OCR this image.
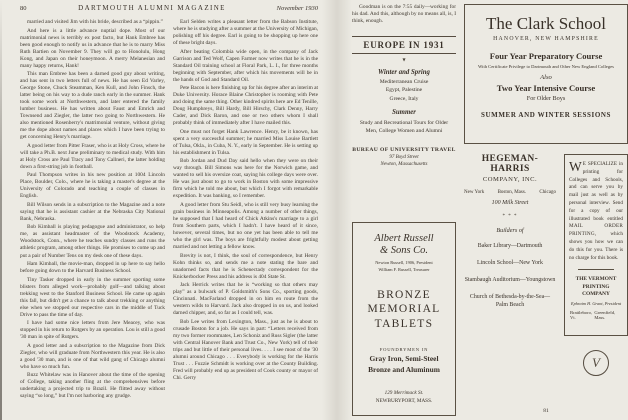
80	DARTMOUTH ALUMNI MAGAZINE	November 1930

married and visited Jim with his bride, described as a “pippin.”

And here is a little advance nuptial dope. Most of our matrimonial news is terribly ex post facto, but Hank Embree has been good enough to notify us in advance that he is to marry Miss Ruth Bartien on November 9. They will go to Honolulu, Hong Kong, and Japan on their honeymoon. A merry Melanesian and many happy returns, Hank!

This man Embree has been a darned good guy about writing, and has sent in two letters full of news. He has seen Ed Varley, George Stone, Chuck Steamman, Ken Kull, and John Finsch, the latter being on his way to a dude ranch early in the summer. Hank took some work at Northwestern, and later entered the family lumber business. He has written about Faust and Emrich and Townsend and Ziegler, the latter two going to Northwestern. He also mentioned Rosenberry's matrimonial venture, without giving me the dope about names and places which I have been trying to get concerning Henry's marriage.

A good letter from Pitter Fraser, who is at Holy Cross, where he will take a Ph.B. next June preliminary to medical study. With him at Holy Cross are Paul Tracy and Tony Callneri, the latter holding down a first-string job in football.

Paul Thompson writes in his new position at 1004 Lincoln Place, Boulder, Colo., where he is taking a master's degree at the University of Colorado and teaching a couple of classes in English.

Bill Wilson sends in a subscription to the Magazine and a note saying that he is assistant cashier at the Nebraska City National Bank, Nebraska.

Bob Kimball is playing pedagogue and administrator, so help me, as assistant headmaster of the Woodstock Academy, Woodstock, Conn., where he teaches sundry classes and runs the athletic program, among other things. He promises to come up and put a pair of Number Tens on my desk one of these days.

Ham Kimball, the movie-man, dropped in up here to say hello before going down to the Harvard Business School.

Tiny Tasker dropped in early in the summer sporting some blisters from alleged work—probably golf—and talking about trekking west to the Stanford Business School. He came up again this fall, but didn't get a chance to talk about trekking or anything else when we stopped our respective cars in the middle of Tuck Drive to pass the time of day.

I have had some nice letters from Jere Meacey, who was stopped in his return to Rutgers by an operation. Lou is still a good '30 man in spite of Rutgers.

A good letter and a subscription to the Magazine from Dick Ziegler, who will graduate from Northwestern this year. He is also a good '30 man, and is one of that wild gang of Chicago alumni who have so much fun.

Buzz Whitelaw was in Hanover about the time of the opening of College, taking another fling at the comprehensives before undertaking a projected trip to Brazil. He flitted away without saying “so long,” but I'm not harboring any grudge.

Earl Selden writes a pleasant letter from the Babson Institute, where he is studying after a summer at the University of Michigan, polishing off his degree. Earl is going to be shopping up here one of these bright days.

After beating Colombia wide open, in the company of Jack Garrison and Ted Wolf, Capen Farmer now writes that he is in the Standard Oil training school at Floral Park, L. I., for three months beginning with September, after which his movements will be in the hands of God and Standard Oil.

Pete Bacon is here finishing up for his degree after an interim at Duke University. Horace Blaine Christopher is rooming with Pete and doing the same thing. Other kindred spirits here are Ed Tenille, Doug Humphreys, Bill Hardy, Bill Hirschy, Clark Denny, Harry Cader, and Dick Baron, and one or two others whom I shall probably think of immediately after I have mailed this.

One must not forget Hank Lawrence. Henry, be it known, has spent a very successful summer; he married Miss Louise Bartlett of Tulsa, Okla., in Cuba, N. Y., early in September. He is setting up his establishment in Tulsa.

Bob Jordan and Dud Day said hello when they were on their way through. Bill Simons was here for the Norwich game, and wanted to sell his oversize coat, saying his college days were over. He was just about to go to work in Boston with some impressive firm which he told me about, but which I forgot with remarkable expedition. It was banking, so I remember.

A good letter from Stu Seidl, who is still very busy learning the grain business in Minneapolis. Among a number of other things, he supposed that I had heard of Chick Atkins's marriage to a girl from Southern parts, which I hadn't. I have heard of it since, however, several times, but no one yet has been able to tell me who the girl was. The boys are frightfully modest about getting married and not letting a fellow know.

Brevity is not, I think, the soul of correspondence, but Henry Kohn thinks so, and sends me a note stating the bare and unadorned facts that he is Schenectady correspondent for the Knickerbocker Press and his address is 404 State St.

Jack Herrick writes that he is “working so that others may play” as a bulwark of P. Goldsmith's Sons Co., sporting goods, Cincinnati. MacFarland dropped in on him en route from the western wilds to Harvard. Jack also dropped in on us, and looked darned chipper, and, so far as I could tell, was.

Bob Lee writes from Lexington, Mass., just as he is about to crusade Boston for a job. He says in part: “Letters received from my two former roommates, Len Schoniz and Russ Sigler (the latter with Central Hanover Bank and Trust Co., New York) tell of their trips and but little of their personal lives. . . . I see most of the '30 alumni around Chicago . . . Everybody is working for the Harris Trust . . . Fuzzie Schmidt is working over at the County Building. Fred will probably end up as president of Cook county or mayor of Chi. Gerry

Goodman is on the 7:55 daily—working for his dad. And this, although by no means all, is, I think, enough.

EUROPE IN 1931
▼
Winter and Spring

Mediterranean Cruise

Egypt, Palestine

Greece, Italy

Summer
Study and Recreational Tours for Older Men, College Women and Alumni
BUREAU OF UNIVERSITY TRAVEL
97 Boyd Street
Newton, Massachusetts
Albert Russell
& Sons Co.
Newton Russell, 1906, President
William F. Russell, Treasurer
BRONZE
MEMORIAL
TABLETS
FOUNDRYMEN IN
Gray Iron, Semi-Steel
Bronze and Aluminum
129 Merrimack St.
NEWBURYPORT, MASS.
The Clark School
HANOVER, NEW HAMPSHIRE
Four Year Preparatory Course
With Certificate Privilege to Dartmouth and Other New England Colleges
Also
Two Year Intensive Course
For Older Boys
SUMMER AND WINTER SESSIONS
HEGEMAN-HARRIS
COMPANY, INC.
New York	Boston, Mass.	Chicago
100 Milk Street
* * *
Builders of

Baker Library—Dartmouth

Lincoln School—New York

Stambaugh Auditorium—Youngstown

Church of Bethesda-by-the-Sea—Palm Beach

W E SPECIALIZE in printing for Colleges and Schools, and can serve you by mail just as well as by personal interview. Send for a copy of our illustrated book entitled MAIL ORDER PRINTING, which shows you how we can do this for you. There is no charge for this book.

THE VERMONT PRINTING COMPANY
Ephraim H. Grant, President
Brattleboro, Vt.
Greenfield, Mass.
V
81
